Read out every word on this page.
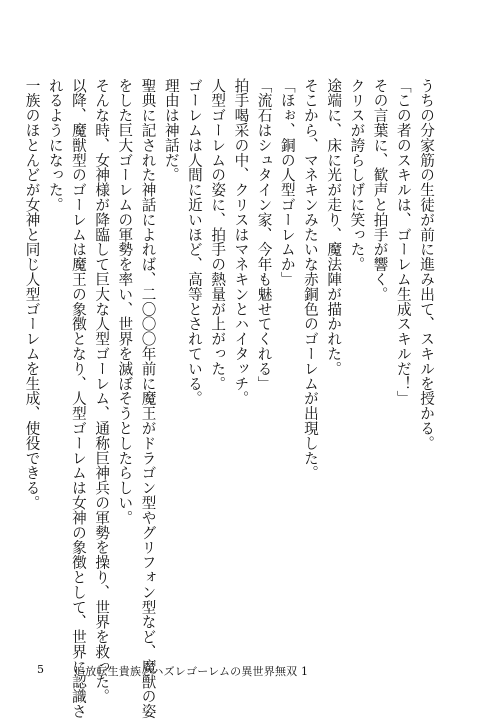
うちの分家筋の生徒が前に進み出て、スキルを授かる。

「この者のスキルは、ゴーレム生成スキルだ！」

その言葉に、歓声と拍手が響く。

クリスが誇らしげに笑った。

途端に、床に光が走り、魔法陣が描かれた。

そこから、マネキンみたいな赤銅色のゴーレムが出現した。

「ほぉ、銅の人型ゴーレムか」

「流石はシュタイン家、今年も魅せてくれる」

拍手喝采の中、クリスはマネキンとハイタッチ。

人型ゴーレムの姿に、拍手の熱量が上がった。

ゴーレムは人間に近いほど、高等とされている。

理由は神話だ。

聖典に記された神話によれば、二〇〇〇年前に魔王がドラゴン型やグリフォン型など、魔獣の姿

をした巨大ゴーレムの軍勢を率い、世界を滅ぼそうとしたらしい。

そんな時、女神様が降臨して巨大な人型ゴーレム、通称巨神兵の軍勢を操り、世界を救った。

以降、魔獣型のゴーレムは魔王の象徴となり、人型ゴーレムは女神の象徴として、世界に認識さ

れるようになった。

一族のほとんどが女神と同じ人型ゴーレムを生成、使役できる。

5	追放転生貴族とハズレゴーレムの異世界無双 1
